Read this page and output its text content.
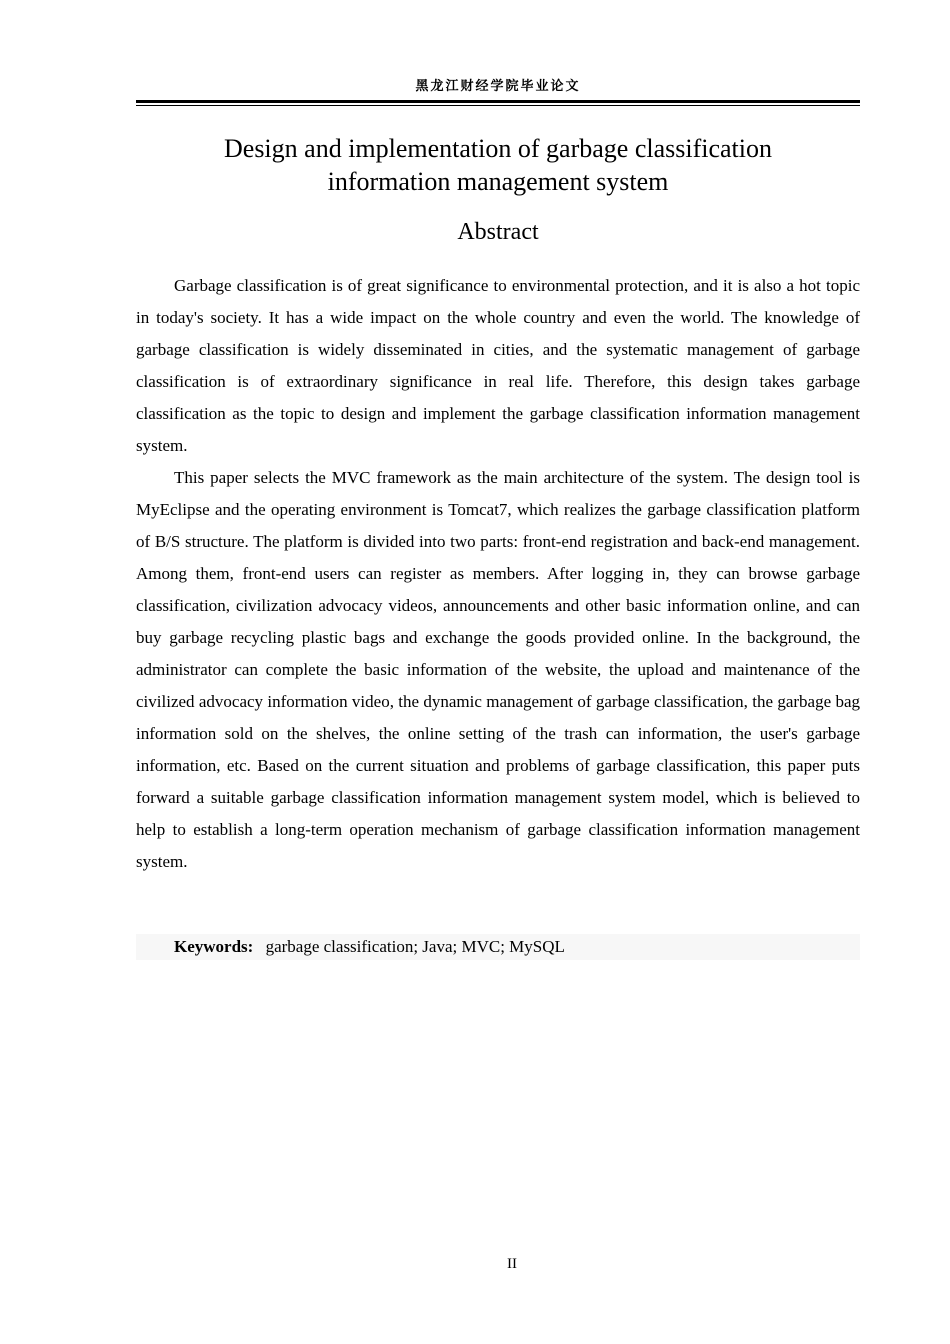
黑龙江财经学院毕业论文
Design and implementation of garbage classification
information management system
Abstract

Garbage classification is of great significance to environmental protection, and it is also a hot topic in today's society. It has a wide impact on the whole country and even the world. The knowledge of garbage classification is widely disseminated in cities, and the systematic management of garbage classification is of extraordinary significance in real life. Therefore, this design takes garbage classification as the topic to design and implement the garbage classification information management system.

This paper selects the MVC framework as the main architecture of the system. The design tool is MyEclipse and the operating environment is Tomcat7, which realizes the garbage classification platform of B/S structure. The platform is divided into two parts: front-end registration and back-end management. Among them, front-end users can register as members. After logging in, they can browse garbage classification, civilization advocacy videos, announcements and other basic information online, and can buy garbage recycling plastic bags and exchange the goods provided online. In the background, the administrator can complete the basic information of the website, the upload and maintenance of the civilized advocacy information video, the dynamic management of garbage classification, the garbage bag information sold on the shelves, the online setting of the trash can information, the user's garbage information, etc. Based on the current situation and problems of garbage classification, this paper puts forward a suitable garbage classification information management system model, which is believed to help to establish a long-term operation mechanism of garbage classification information management system.

Keywords: garbage classification; Java; MVC; MySQL
II
